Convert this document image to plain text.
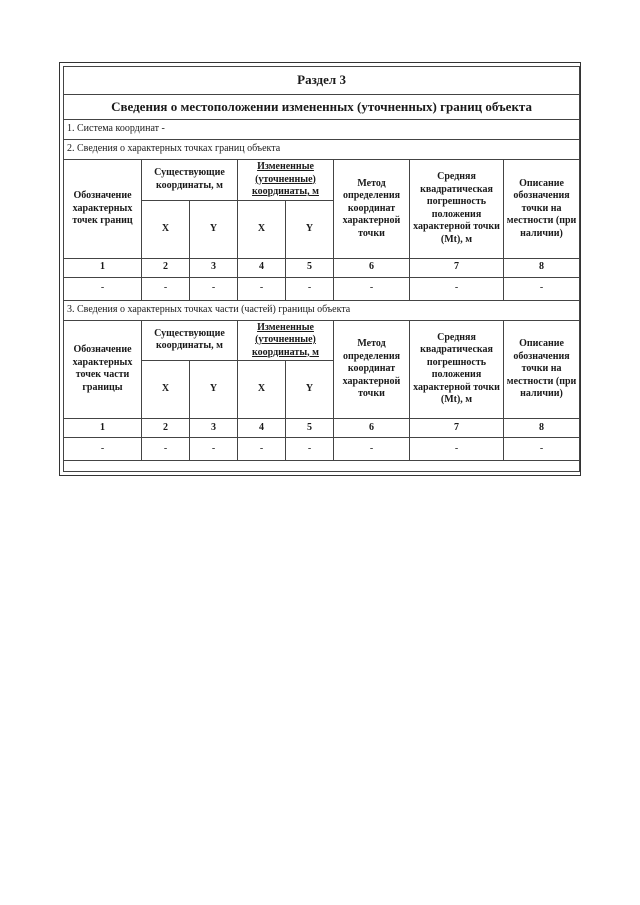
Раздел 3							
Сведения о местоположении измененных (уточненных) границ объекта							
1. Система координат -							
2. Сведения о характерных точках границ объекта							
Обозначение характерных точек границ	Существующие координаты, м		Измененные (уточненные) координаты, м		Метод определения координат характерной точки	Средняя квадратическая погрешность положения характерной точки (Mt), м	Описание обозначения точки на местности (при наличии)
	X	Y	X	Y			
1	2	3	4	5	6	7	8
-	-	-	-	-	-	-	-
3. Сведения о характерных точках части (частей) границы объекта							
Обозначение характерных точек части границы	Существующие координаты, м		Измененные (уточненные) координаты, м		Метод определения координат характерной точки	Средняя квадратическая погрешность положения характерной точки (Mt), м	Описание обозначения точки на местности (при наличии)
	X	Y	X	Y			
1	2	3	4	5	6	7	8
-	-	-	-	-	-	-	-
